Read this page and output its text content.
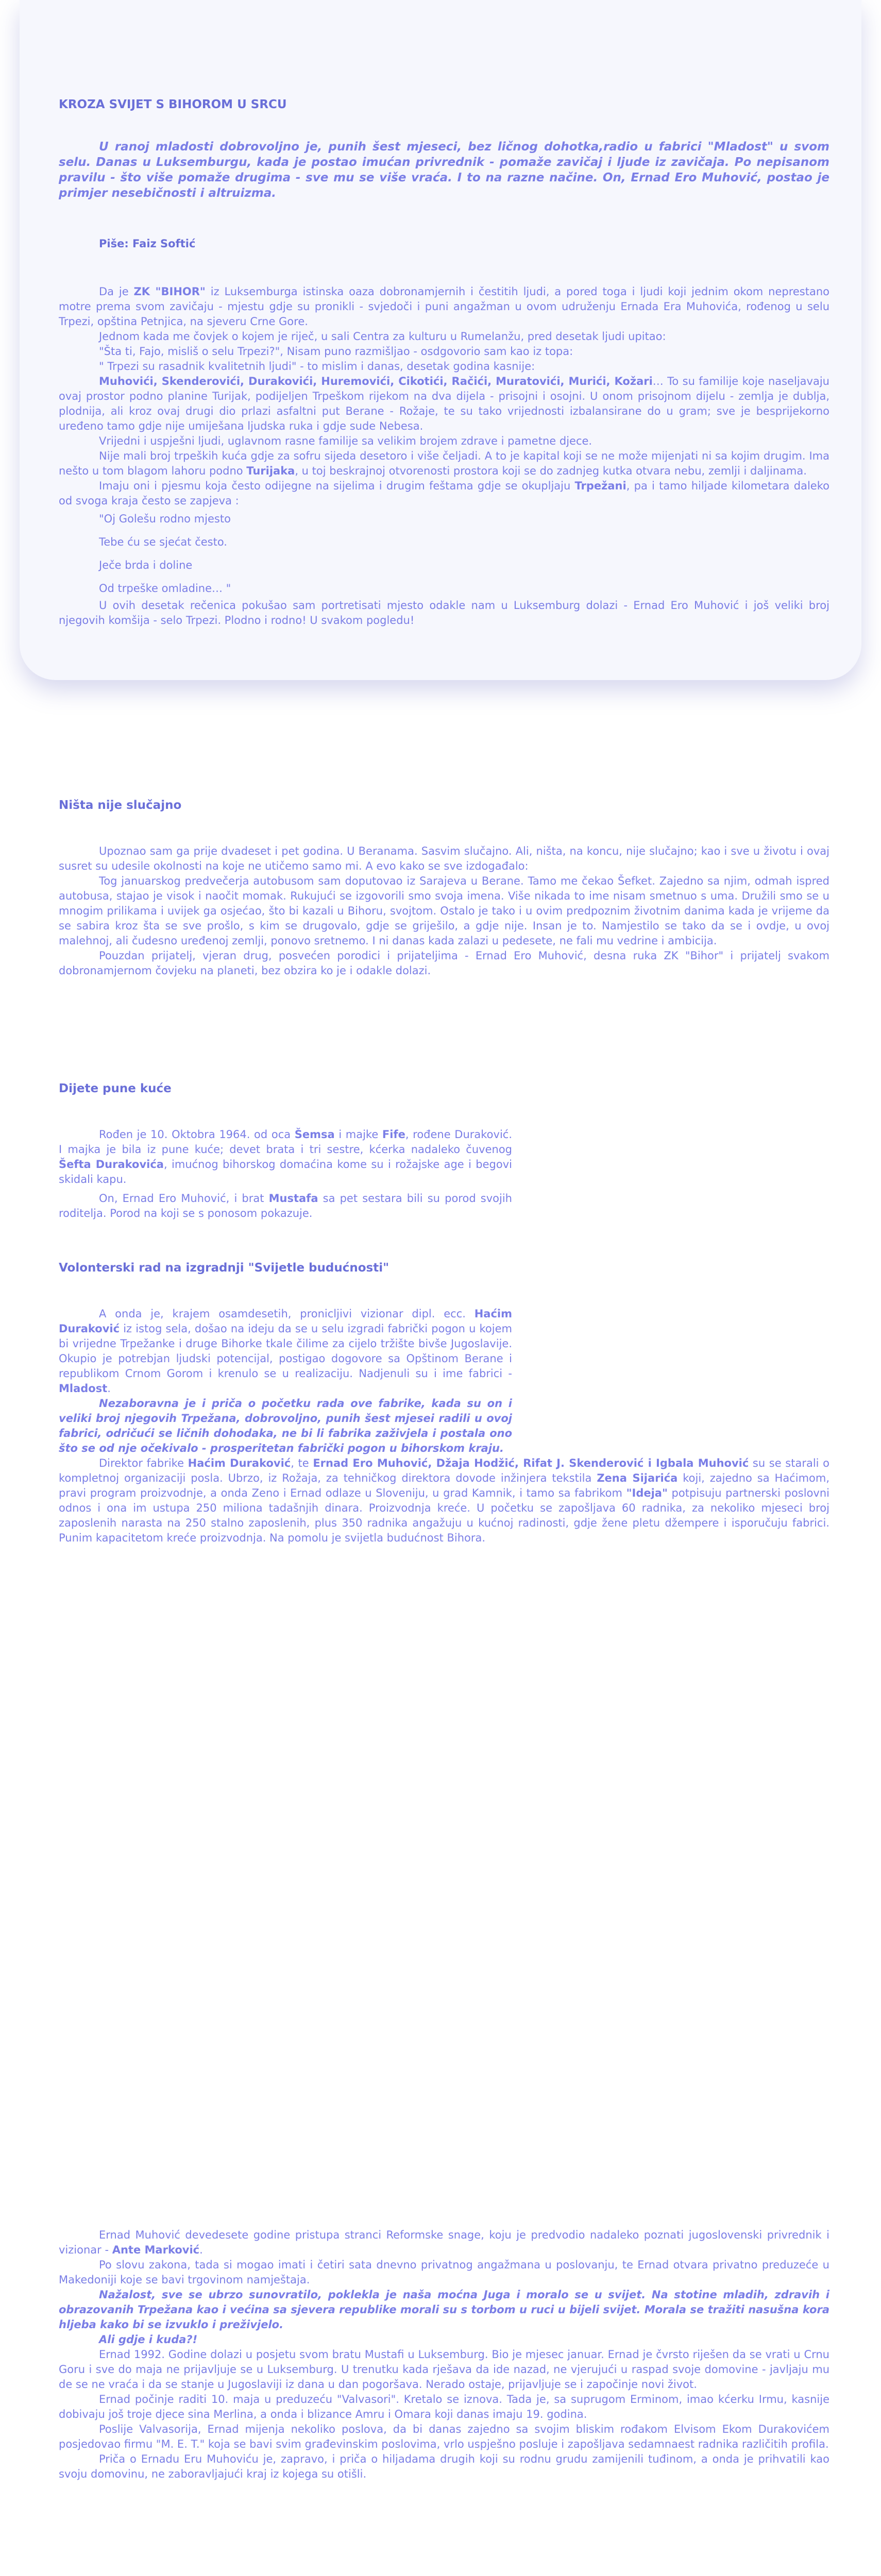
KROZA SVIJET S BIHOROM U SRCU

U ranoj mladosti dobrovoljno je, punih šest mjeseci, bez ličnog dohotka,radio u fabrici "Mladost" u svom selu. Danas u Luksemburgu, kada je postao imućan privrednik - pomaže zavičaj i ljude iz zavičaja. Po nepisanom pravilu - što više pomaže drugima - sve mu se više vraća. I to na razne načine. On, Ernad Ero Muhović, postao je primjer nesebičnosti i altruizma.

Piše: Faiz Softić

Da je ZK "BIHOR" iz Luksemburga istinska oaza dobronamjernih i čestitih ljudi, a pored toga i ljudi koji jednim okom neprestano motre prema svom zavičaju - mjestu gdje su pronikli - svjedoči i puni angažman u ovom udruženju Ernada Era Muhovića, rođenog u selu Trpezi, opština Petnjica, na sjeveru Crne Gore.

Jednom kada me čovjek o kojem je riječ, u sali Centra za kulturu u Rumelanžu, pred desetak ljudi upitao:

"Šta ti, Fajo, misliš o selu Trpezi?", Nisam puno razmišljao - osdgovorio sam kao iz topa:

" Trpezi su rasadnik kvalitetnih ljudi" - to mislim i danas, desetak godina kasnije:

Muhovići, Skenderovići, Durakovići, Huremovići, Cikotići, Račići, Muratovići, Murići, Kožari… To su familije koje naseljavaju ovaj prostor podno planine Turijak, podijeljen Trpeškom rijekom na dva dijela - prisojni i osojni. U onom prisojnom dijelu - zemlja je dublja, plodnija, ali kroz ovaj drugi dio prlazi asfaltni put Berane - Rožaje, te su tako vrijednosti izbalansirane do u gram; sve je besprijekorno uređeno tamo gdje nije umiješana ljudska ruka i gdje sude Nebesa.

Vrijedni i uspješni ljudi, uglavnom rasne familije sa velikim brojem zdrave i pametne djece.

Nije mali broj trpeških kuća gdje za sofru sijeda desetoro i više čeljadi. A to je kapital koji se ne može mijenjati ni sa kojim drugim. Ima nešto u tom blagom lahoru podno Turijaka, u toj beskrajnoj otvorenosti prostora koji se do zadnjeg kutka otvara nebu, zemlji i daljinama.

Imaju oni i pjesmu koja često odijegne na sijelima i drugim feštama gdje se okupljaju Trpežani, pa i tamo hiljade kilometara daleko od svoga kraja često se zapjeva :

"Oj Golešu rodno mjesto

Tebe ću se sjećat često.

Ječe brda i doline

Od trpeške omladine… "

U ovih desetak rečenica pokušao sam portretisati mjesto odakle nam u Luksemburg dolazi - Ernad Ero Muhović i još veliki broj njegovih komšija - selo Trpezi. Plodno i rodno! U svakom pogledu!

Ništa nije slučajno

Upoznao sam ga prije dvadeset i pet godina. U Beranama. Sasvim slučajno. Ali, ništa, na koncu, nije slučajno; kao i sve u životu i ovaj susret su udesile okolnosti na koje ne utičemo samo mi. A evo kako se sve izdogađalo:

Tog januarskog predvečerja autobusom sam doputovao iz Sarajeva u Berane. Tamo me čekao Šefket. Zajedno sa njim, odmah ispred autobusa, stajao je visok i naočit momak. Rukujući se izgovorili smo svoja imena. Više nikada to ime nisam smetnuo s uma. Družili smo se u mnogim prilikama i uvijek ga osjećao, što bi kazali u Bihoru, svojtom. Ostalo je tako i u ovim predpoznim životnim danima kada je vrijeme da se sabira kroz šta se sve prošlo, s kim se drugovalo, gdje se griješilo, a gdje nije. Insan je to. Namjestilo se tako da se i ovdje, u ovoj malehnoj, ali čudesno uređenoj zemlji, ponovo sretnemo. I ni danas kada zalazi u pedesete, ne fali mu vedrine i ambicija.

Pouzdan prijatelj, vjeran drug, posvećen porodici i prijateljima - Ernad Ero Muhović, desna ruka ZK "Bihor" i prijatelj svakom dobronamjernom čovjeku na planeti, bez obzira ko je i odakle dolazi.

Dijete pune kuće

Rođen je 10. Oktobra 1964. od oca Šemsa i majke Fife, rođene Duraković. I majka je bila iz pune kuće; devet brata i tri sestre, kćerka nadaleko čuvenog Šefta Durakovića, imućnog bihorskog domaćina kome su i rožajske age i begovi skidali kapu.

On, Ernad Ero Muhović, i brat Mustafa sa pet sestara bili su porod svojih roditelja. Porod na koji se s ponosom pokazuje.

Volonterski rad na izgradnji "Svijetle budućnosti"

A onda je, krajem osamdesetih, pronicljivi vizionar dipl. ecc. Haćim Duraković iz istog sela, došao na ideju da se u selu izgradi fabrički pogon u kojem bi vrijedne Trpežanke i druge Bihorke tkale čilime za cijelo tržište bivše Jugoslavije. Okupio je potrebjan ljudski potencijal, postigao dogovore sa Opštinom Berane i republikom Crnom Gorom i krenulo se u realizaciju. Nadjenuli su i ime fabrici - Mladost.

Nezaboravna je i priča o početku rada ove fabrike, kada su on i veliki broj njegovih Trpežana, dobrovoljno, punih šest mjesei radili u ovoj fabrici, odričući se ličnih dohodaka, ne bi li fabrika zaživjela i postala ono što se od nje očekivalo - prosperitetan fabrički pogon u bihorskom kraju.

Direktor fabrike Haćim Duraković, te Ernad Ero Muhović, Džaja Hodžić, Rifat J. Skenderović i Igbala Muhović su se starali o kompletnoj organizaciji posla. Ubrzo, iz Rožaja, za tehničkog direktora dovode inžinjera tekstila Zena Sijarića koji, zajedno sa Haćimom, pravi program proizvodnje, a onda Zeno i Ernad odlaze u Sloveniju, u grad Kamnik, i tamo sa fabrikom "Ideja" potpisuju partnerski poslovni odnos i ona im ustupa 250 miliona tadašnjih dinara. Proizvodnja kreće. U početku se zapošljava 60 radnika, za nekoliko mjeseci broj zaposlenih narasta na 250 stalno zaposlenih, plus 350 radnika angažuju u kućnoj radinosti, gdje žene pletu džempere i isporučuju fabrici. Punim kapacitetom kreće proizvodnja. Na pomolu je svijetla budućnost Bihora.

Ernad Muhović devedesete godine pristupa stranci Reformske snage, koju je predvodio nadaleko poznati jugoslovenski privrednik i vizionar - Ante Marković.

Po slovu zakona, tada si mogao imati i četiri sata dnevno privatnog angažmana u poslovanju, te Ernad otvara privatno preduzeće u Makedoniji koje se bavi trgovinom namještaja.

Nažalost, sve se ubrzo sunovratilo, poklekla je naša moćna Juga i moralo se u svijet. Na stotine mladih, zdravih i obrazovanih Trpežana kao i većina sa sjevera republike morali su s torbom u ruci u bijeli svijet. Morala se tražiti nasušna kora hljeba kako bi se izvuklo i preživjelo.

Ali gdje i kuda?!

Ernad 1992. Godine dolazi u posjetu svom bratu Mustafi u Luksemburg. Bio je mjesec januar. Ernad je čvrsto riješen da se vrati u Crnu Goru i sve do maja ne prijavljuje se u Luksemburg. U trenutku kada rješava da ide nazad, ne vjerujući u raspad svoje domovine - javljaju mu de se ne vraća i da se stanje u Jugoslaviji iz dana u dan pogoršava. Nerado ostaje, prijavljuje se i započinje novi život.

Ernad počinje raditi 10. maja u preduzeću "Valvasori". Kretalo se iznova. Tada je, sa suprugom Erminom, imao kćerku Irmu, kasnije dobivaju još troje djece sina Merlina, a onda i blizance Amru i Omara koji danas imaju 19. godina.

Poslije Valvasorija, Ernad mijenja nekoliko poslova, da bi danas zajedno sa svojim bliskim rođakom Elvisom Ekom Durakovićem posjedovao firmu "M. E. T." koja se bavi svim građevinskim poslovima, vrlo uspješno posluje i zapošljava sedamnaest radnika različitih profila.

Priča o Ernadu Eru Muhoviću je, zapravo, i priča o hiljadama drugih koji su rodnu grudu zamijenili tuđinom, a onda je prihvatili kao svoju domovinu, ne zaboravljajući kraj iz kojega su otišli.
